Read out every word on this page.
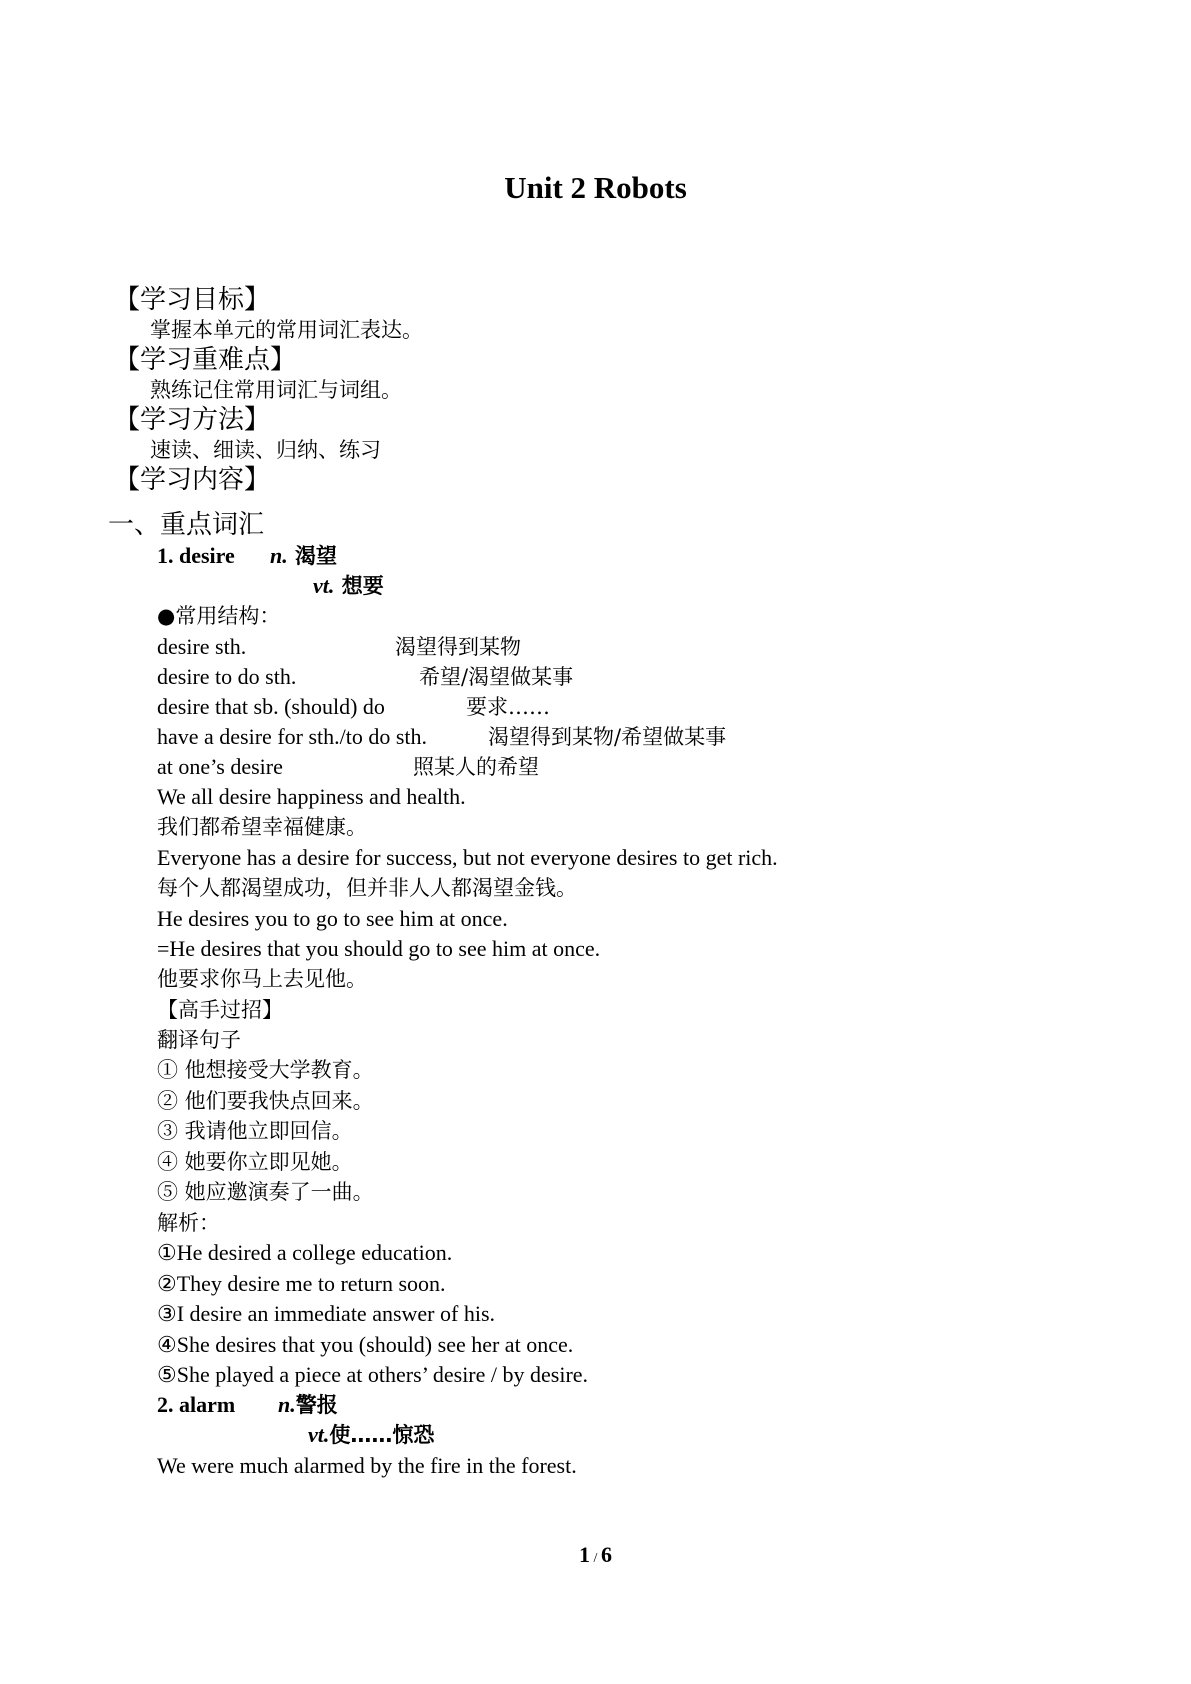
Unit 2 Robots
【学习目标】
掌握本单元的常用词汇表达。
【学习重难点】
熟练记住常用词汇与词组。
【学习方法】
速读、细读、归纳、练习
【学习内容】
一、重点词汇
1. desire n. 渴望
vt. 想要
●常用结构：
desire sth.	渴望得到某物
desire to do sth.	希望/渴望做某事
desire that sb. (should) do	要求……
have a desire for sth./to do sth.	渴望得到某物/希望做某事
at one’s desire	照某人的希望
We all desire happiness and health.
我们都希望幸福健康。
Everyone has a desire for success, but not everyone desires to get rich.
每个人都渴望成功，但并非人人都渴望金钱。
He desires you to go to see him at once.
=He desires that you should go to see him at once.
他要求你马上去见他。
【高手过招】
翻译句子
① 他想接受大学教育。
② 他们要我快点回来。
③ 我请他立即回信。
④ 她要你立即见她。
⑤ 她应邀演奏了一曲。
解析：
①He desired a college education.
②They desire me to return soon.
③I desire an immediate answer of his.
④She desires that you (should) see her at once.
⑤She played a piece at others’ desire / by desire.
2. alarm n.警报
vt.使……惊恐
We were much alarmed by the fire in the forest.
1 / 6
